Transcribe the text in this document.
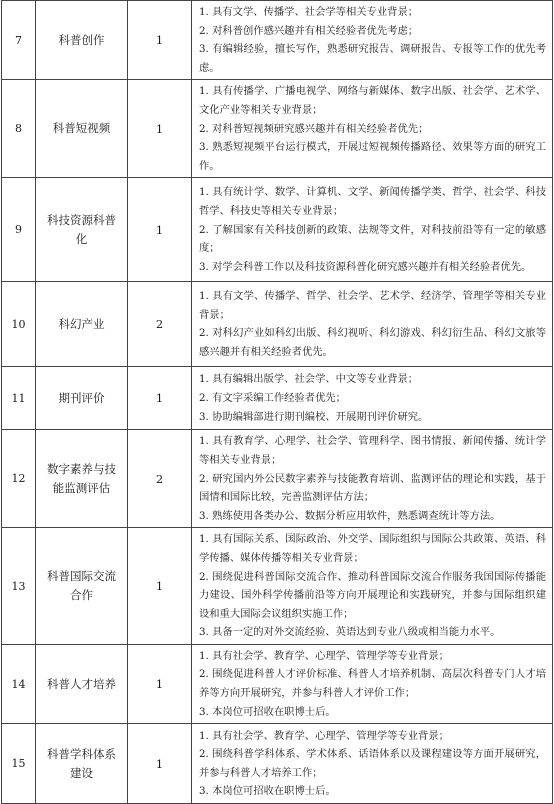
7	科普创作	1	1. 具有文学、传播学、社会学等相关专业背景；
2. 对科普创作感兴趣并有相关经验者优先考虑；
3. 有编辑经验，擅长写作，熟悉研究报告、调研报告、专报等工作的优先考虑。

8	科普短视频	1	1. 具有传播学、广播电视学、网络与新媒体、数字出版、社会学、艺术学、文化产业等相关专业背景；
2. 对科普短视频研究感兴趣并有相关经验者优先；
3. 熟悉短视频平台运行模式，开展过短视频传播路径、效果等方面的研究工作。

9	科技资源科普化	1	1. 具有统计学、数学、计算机、文学、新闻传播学类、哲学、社会学、科技哲学、科技史等相关专业背景；
2. 了解国家有关科技创新的政策、法规等文件，对科技前沿等有一定的敏感度；
3. 对学会科普工作以及科技资源科普化研究感兴趣并有相关经验者优先。

10	科幻产业	2	1. 具有文学、传播学、哲学、社会学、艺术学、经济学、管理学等相关专业背景；
2. 对科幻产业如科幻出版、科幻视听、科幻游戏、科幻衍生品、科幻文旅等感兴趣并有相关经验者优先。

11	期刊评价	1	1. 具有编辑出版学、社会学、中文等专业背景；
2. 有文字采编工作经验者优先；
3. 协助编辑部进行期刊编校、开展期刊评价研究。

12	数字素养与技能监测评估	2	1. 具有教育学、心理学、社会学、管理科学、图书情报、新闻传播、统计学等相关专业背景；
2. 研究国内外公民数字素养与技能教育培训、监测评估的理论和实践，基于国情和国际比较，完善监测评估方法；
3. 熟练使用各类办公、数据分析应用软件，熟悉调查统计等方法。

13	科普国际交流合作	1	1. 具有国际关系、国际政治、外交学、国际组织与国际公共政策、英语、科学传播、媒体传播等相关专业背景；
2. 围绕促进科普国际交流合作、推动科普国际交流合作服务我国国际传播能力建设、国外科学传播前沿等方向开展理论和实践研究，并参与国际组织建设和重大国际会议组织实施工作；
3. 具备一定的对外交流经验、英语达到专业八级或相当能力水平。

14	科普人才培养	1	1. 具有社会学、教育学、心理学、管理学等专业背景；
2. 围绕促进科普人才评价标准、科普人才培养机制、高层次科普专门人才培养等方向开展研究，并参与科普人才评价工作；
3. 本岗位可招收在职博士后。

15	科普学科体系建设	1	1. 具有社会学、教育学、心理学、管理学等专业背景；
2. 围绕科普学科体系、学术体系、话语体系以及课程建设等方面开展研究，并参与科普人才培养工作；
3. 本岗位可招收在职博士后。
